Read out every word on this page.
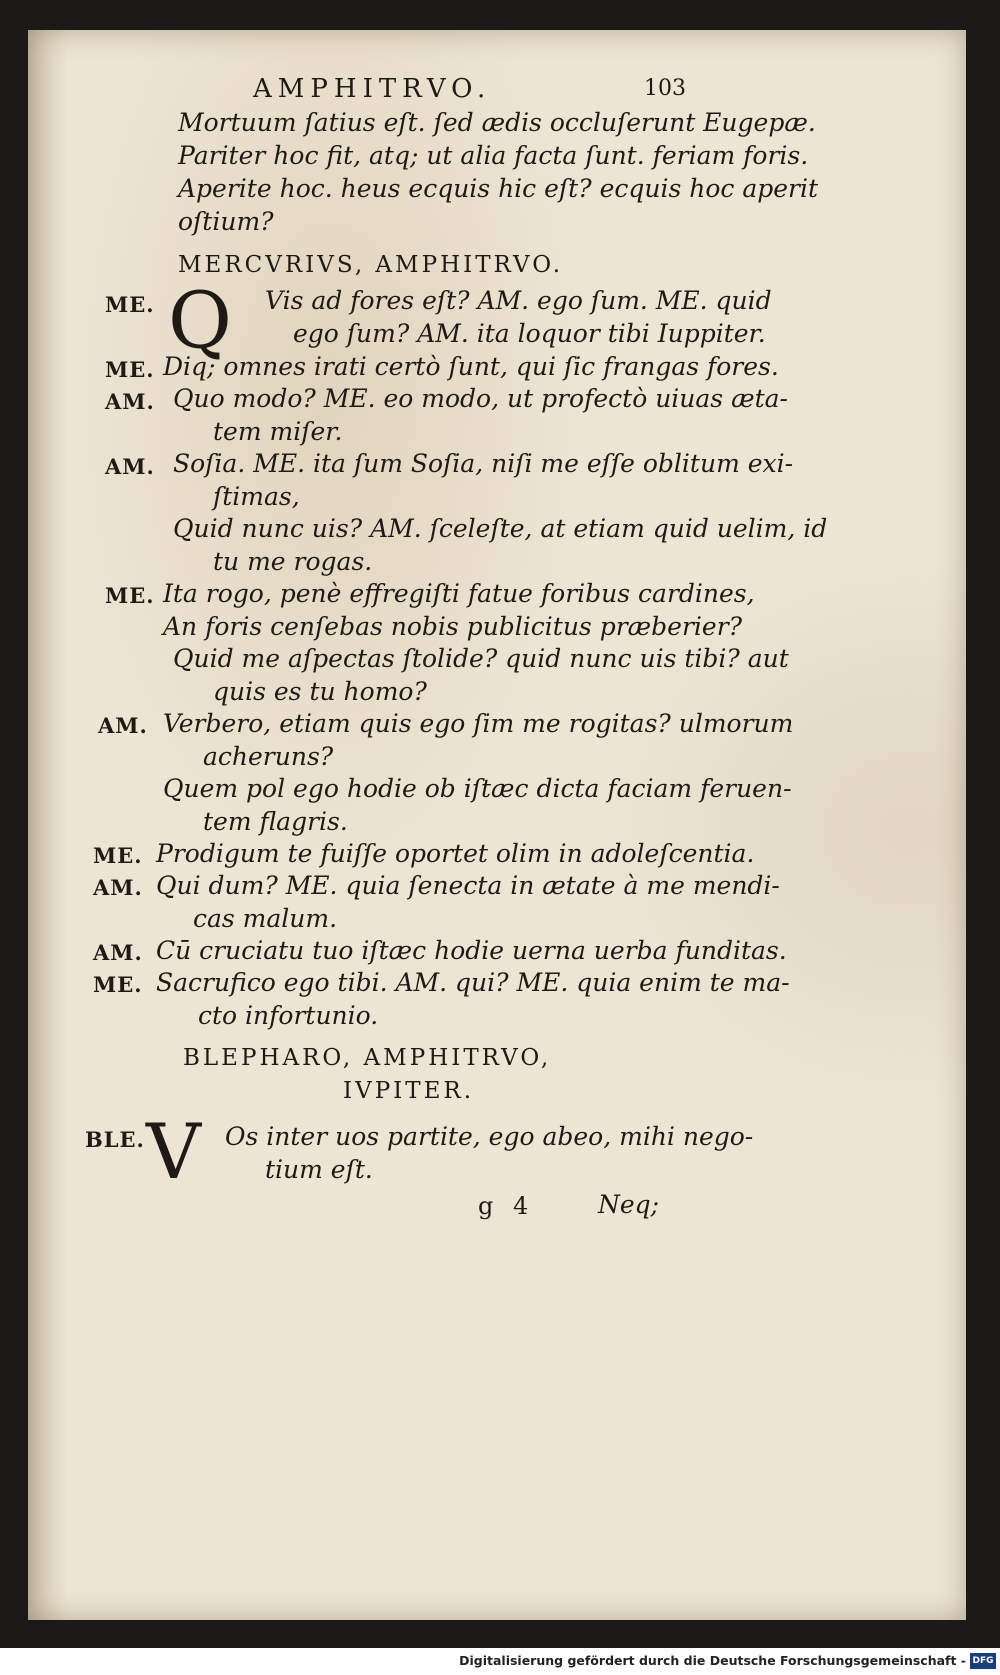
AMPHITRVO.	103
Mortuum ſatius eſt. ſed ædis occluſerunt Eugepæ.
Pariter hoc fit, atq; ut alia facta ſunt. feriam foris.
Aperite hoc. heus ecquis hic eſt? ecquis hoc aperit
oſtium?
MERCVRIVS, AMPHITRVO.
Q
ME.
ME.
AM.
AM.
ME.
AM.
ME.
AM.
AM.
ME.
Vis ad fores eſt? AM. ego ſum. ME. quid
ego ſum? AM. ita loquor tibi Iuppiter.
Diq; omnes irati certò ſunt, qui ſic frangas fores.
Quo modo? ME. eo modo, ut profectò uiuas ætа-
tem miſer.
Soſia. ME. ita ſum Soſia, niſi me eſſe oblitum exi-
ſtimas,
Quid nunc uis? AM. ſceleſte, at etiam quid uelim, id
tu me rogas.
Ita rogo, penè effregiſti fatue foribus cardines,
An foris cenſebas nobis publicitus præberier?
Quid me aſpectas ſtolide? quid nunc uis tibi? aut
quis es tu homo?
Verbero, etiam quis ego ſim me rogitas? ulmorum
acheruns?
Quem pol ego hodie ob iſtæc dicta faciam feruen-
tem flagris.
Prodigum te fuiſſe oportet olim in adoleſcentia.
Qui dum? ME. quia ſenecta in ætate à me mendi-
cas malum.
Cū cruciatu tuo iſtæc hodie uerna uerba funditas.
Sacrufico ego tibi. AM. qui? ME. quia enim te ma-
cto infortunio.
BLEPHARO, AMPHITRVO,
IVPITER.
BLE. V Os inter uos partite, ego abeo, mihi nego-
tium eſt.
g 4	Neq;
Digitalisierung gefördert durch die Deutsche Forschungsgemeinschaft - DFG
